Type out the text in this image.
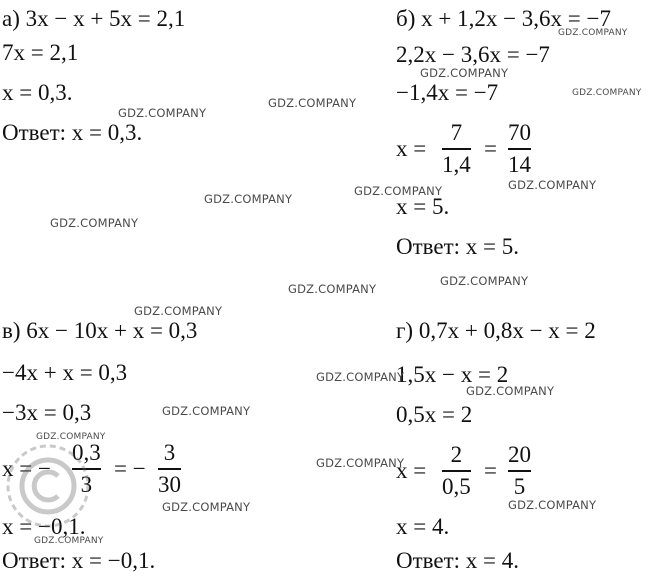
а) 3x − x + 5x = 2,1
7x = 2,1
x = 0,3.
Ответ: x = 0,3.
б) x + 1,2x − 3,6x = −7
2,2x − 3,6x = −7
−1,4x = −7
x =
7
1,4
=
70
14
x = 5.
Ответ: x = 5.
в) 6x − 10x + x = 0,3
−4x + x = 0,3
−3x = 0,3
x = −
0,3
3
= −
3
30
x = −0,1.
Ответ: x = −0,1.
г) 0,7x + 0,8x − x = 2
1,5x − x = 2
0,5x = 2
x =
2
0,5
=
20
5
x = 4.
Ответ: x = 4.
GDZ.COMPANY
GDZ.COMPANY
GDZ.COMPANY
GDZ.COMPANY
GDZ.COMPANY
GDZ.COMPANY
GDZ.COMPANY	GDZ.COMPANY
GDZ.COMPANY
GDZ.COMPANY
GDZ.COMPANY
GDZ.COMPANY
GDZ.COMPANY
GDZ.COMPANY
GDZ.COMPANY
GDZ.COMPANY
GDZ.COMPANY
GDZ.COMPANY	GDZ.COMPANY
GDZ.COMPANY
